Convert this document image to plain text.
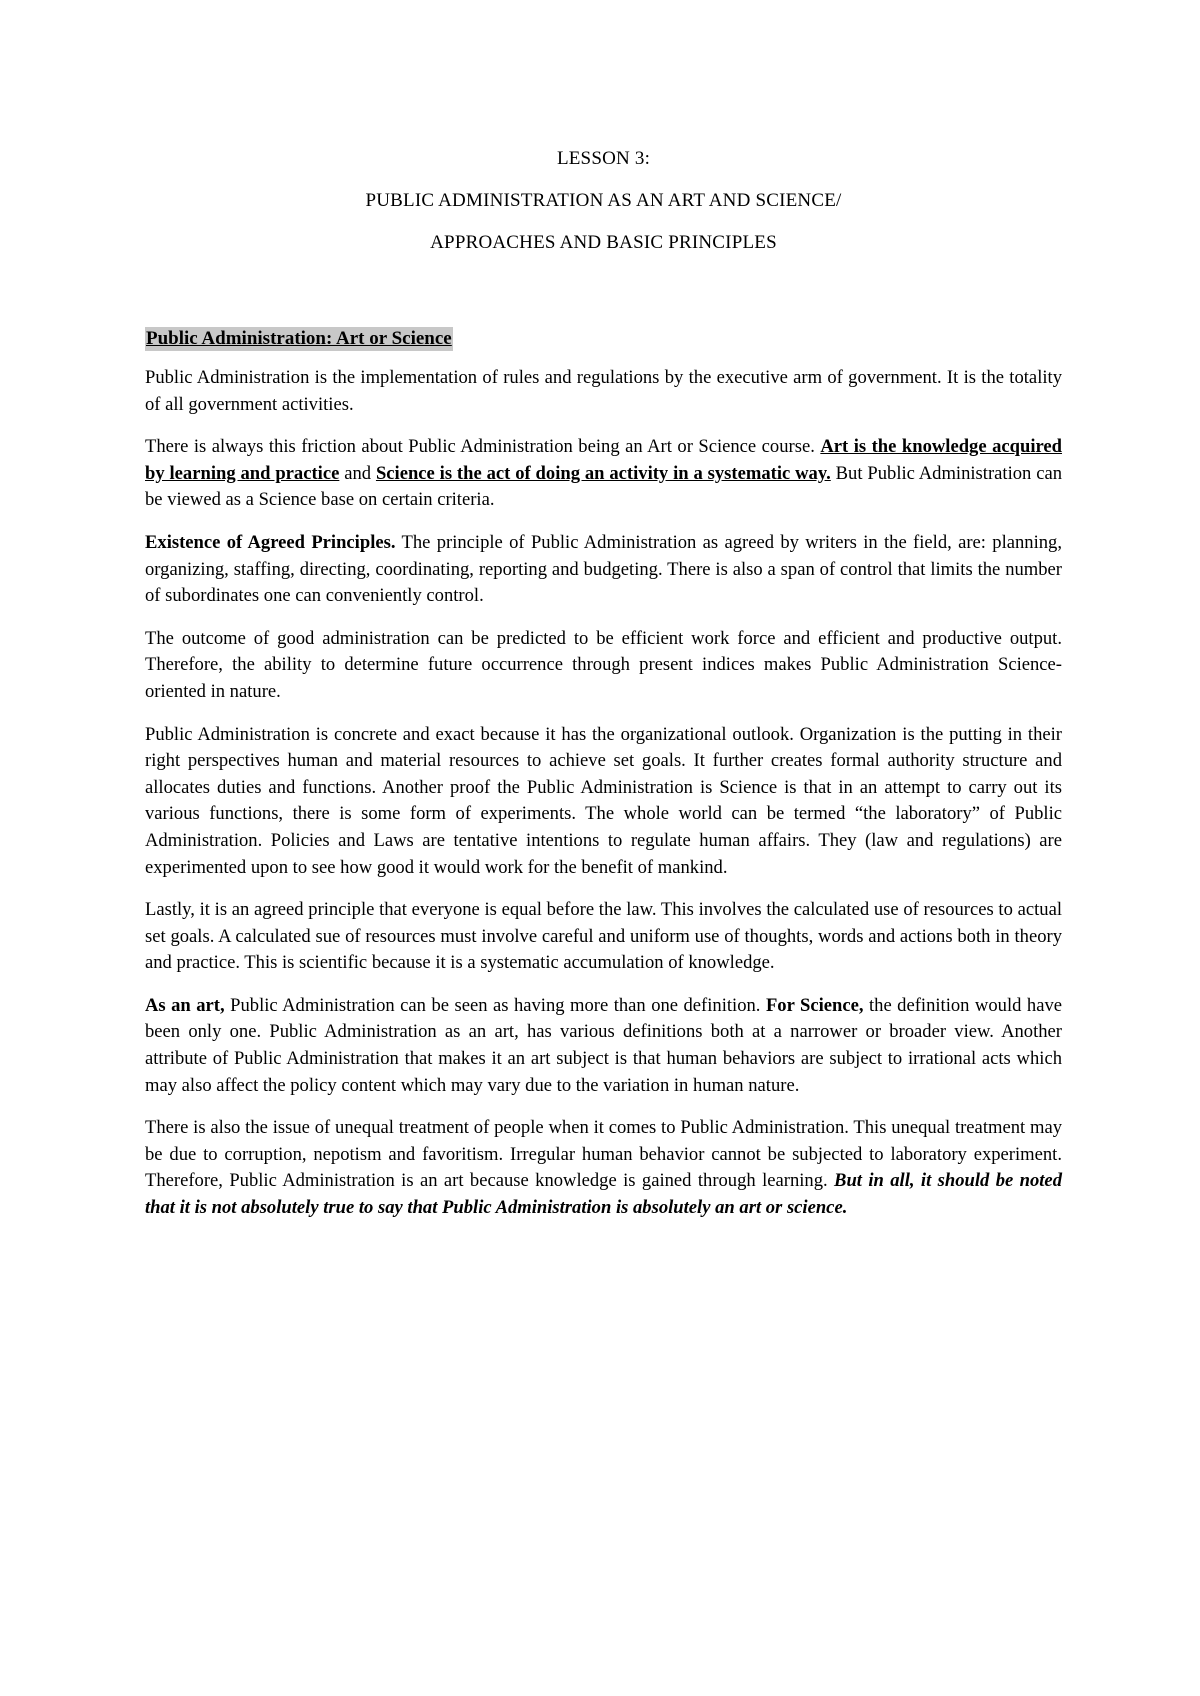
LESSON 3:

PUBLIC ADMINISTRATION AS AN ART AND SCIENCE/

APPROACHES AND BASIC PRINCIPLES

Public Administration: Art or Science

Public Administration is the implementation of rules and regulations by the executive arm of government. It is the totality of all government activities.

There is always this friction about Public Administration being an Art or Science course. Art is the knowledge acquired by learning and practice and Science is the act of doing an activity in a systematic way. But Public Administration can be viewed as a Science base on certain criteria.

Existence of Agreed Principles. The principle of Public Administration as agreed by writers in the field, are: planning, organizing, staffing, directing, coordinating, reporting and budgeting. There is also a span of control that limits the number of subordinates one can conveniently control.

The outcome of good administration can be predicted to be efficient work force and efficient and productive output. Therefore, the ability to determine future occurrence through present indices makes Public Administration Science-oriented in nature.

Public Administration is concrete and exact because it has the organizational outlook. Organization is the putting in their right perspectives human and material resources to achieve set goals. It further creates formal authority structure and allocates duties and functions. Another proof the Public Administration is Science is that in an attempt to carry out its various functions, there is some form of experiments. The whole world can be termed “the laboratory” of Public Administration. Policies and Laws are tentative intentions to regulate human affairs. They (law and regulations) are experimented upon to see how good it would work for the benefit of mankind.

Lastly, it is an agreed principle that everyone is equal before the law. This involves the calculated use of resources to actual set goals. A calculated sue of resources must involve careful and uniform use of thoughts, words and actions both in theory and practice. This is scientific because it is a systematic accumulation of knowledge.

As an art, Public Administration can be seen as having more than one definition. For Science, the definition would have been only one. Public Administration as an art, has various definitions both at a narrower or broader view. Another attribute of Public Administration that makes it an art subject is that human behaviors are subject to irrational acts which may also affect the policy content which may vary due to the variation in human nature.

There is also the issue of unequal treatment of people when it comes to Public Administration. This unequal treatment may be due to corruption, nepotism and favoritism. Irregular human behavior cannot be subjected to laboratory experiment. Therefore, Public Administration is an art because knowledge is gained through learning. But in all, it should be noted that it is not absolutely true to say that Public Administration is absolutely an art or science.
